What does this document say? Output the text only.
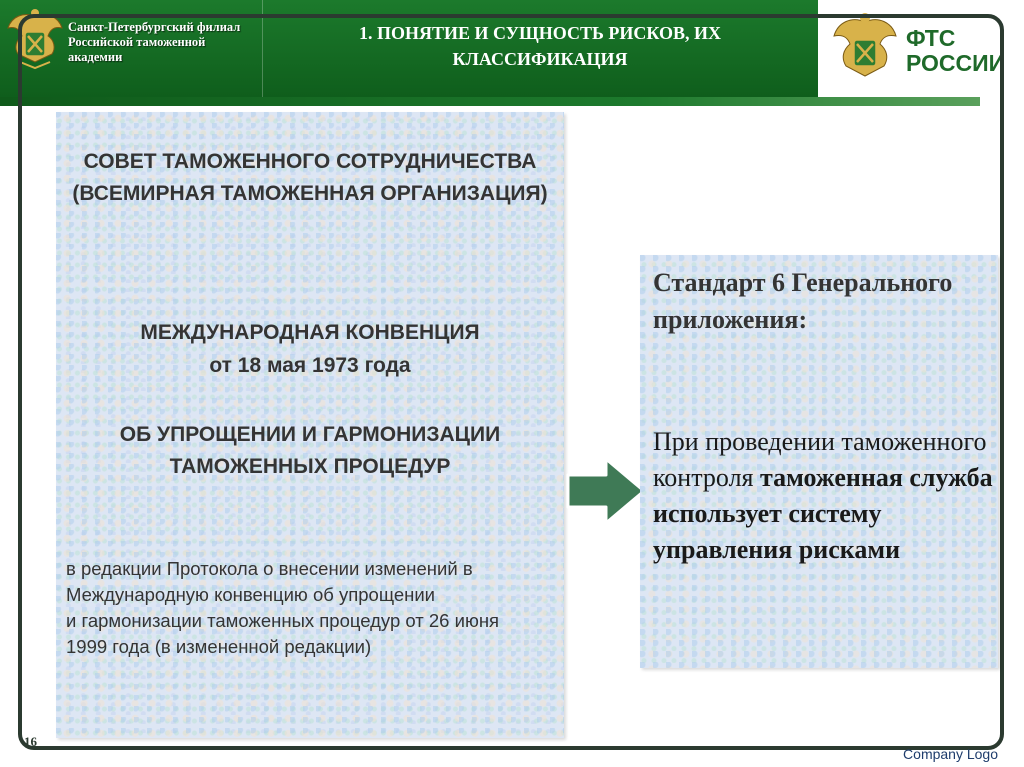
Санкт-Петербургский филиал Российской таможенной академии
1. ПОНЯТИЕ И СУЩНОСТЬ РИСКОВ, ИХ КЛАССИФИКАЦИЯ
ФТС
РОССИИ
СОВЕТ ТАМОЖЕННОГО СОТРУДНИЧЕСТВА (ВСЕМИРНАЯ ТАМОЖЕННАЯ ОРГАНИЗАЦИЯ)
МЕЖДУНАРОДНАЯ КОНВЕНЦИЯ
от 18 мая 1973 года
ОБ УПРОЩЕНИИ И ГАРМОНИЗАЦИИ ТАМОЖЕННЫХ ПРОЦЕДУР
в редакции Протокола о внесении изменений в Международную конвенцию об упрощении
и гармонизации таможенных процедур от 26 июня 1999 года (в измененной редакции)
Стандарт 6 Генерального приложения:
При проведении таможенного контроля таможенная служба использует систему управления рисками
16
Company Logo
